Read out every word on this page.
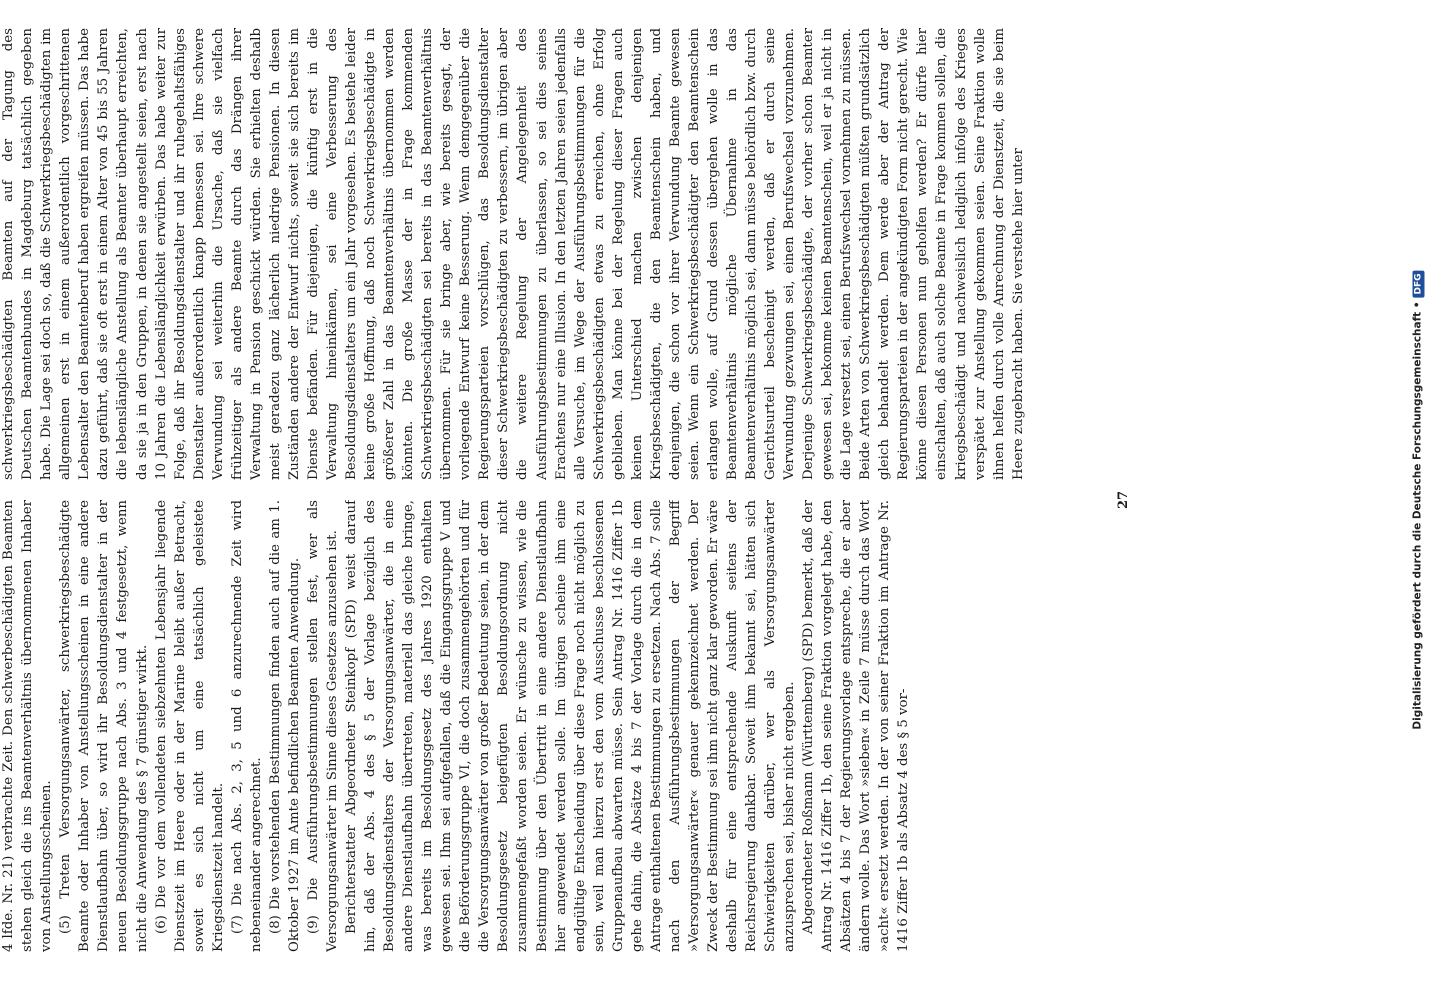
4 lfde. Nr. 21) verbrachte Zeit. Den schwerbeschädigten Beamten stehen gleich die ins Beamtenverhältnis übernommenen Inhaber von Anstellungsscheinen. (5) Treten Versorgungsanwärter, schwerkriegsbeschädigte Beamte oder Inhaber von Anstellungsscheinen in eine andere Dienstlaufbahn über, so wird ihr Besoldungsdienstalter in der neuen Besoldungsgruppe nach Abs. 3 und 4 festgesetzt, wenn nicht die Anwendung des § 7 günstiger wirkt. (6) Die vor dem vollendeten siebzehnten Lebensjahr liegende Dienstzeit im Heere oder in der Marine bleibt außer Betracht, soweit es sich nicht um eine tatsächlich geleistete Kriegsdienstzeit handelt. (7) Die nach Abs. 2, 3, 5 und 6 anzurechnende Zeit wird nebeneinander angerechnet. (8) Die vorstehenden Bestimmungen finden auch auf die am 1. Oktober 1927 im Amte befindlichen Beamten Anwendung. (9) Die Ausführungsbestimmungen stellen fest, wer als Versorgungsanwärter im Sinne dieses Gesetzes anzusehen ist. Berichterstatter Abgeordneter Steinkopf (SPD) weist darauf hin, daß der Abs. 4 des § 5 der Vorlage bezüglich des Besoldungsdienstalters der Versorgungsanwärter, die in eine andere Dienstlaufbahn übertreten, materiell das gleiche bringe, was bereits im Besoldungsgesetz des Jahres 1920 enthalten gewesen sei. Ihm sei aufgefallen, daß die Eingangsgruppe V und die Beförderungsgruppe VI, die doch zusammengehörten und für die Versorgungsanwärter von großer Bedeutung seien, in der dem Besoldungsgesetz beigefügten Besoldungsordnung nicht zusammengefaßt worden seien. Er wünsche zu wissen, wie die Bestimmung über den Übertritt in eine andere Dienstlaufbahn hier angewendet werden solle. Im übrigen scheine ihm eine endgültige Entscheidung über diese Frage noch nicht möglich zu sein, weil man hierzu erst den vom Ausschusse beschlossenen Gruppenaufbau abwarten müsse. Sein Antrag Nr. 1416 Ziffer 1b gehe dahin, die Absätze 4 bis 7 der Vorlage durch die in dem Antrage enthaltenen Bestimmungen zu ersetzen. Nach Abs. 7 solle nach den Ausführungsbestimmungen der Begriff »Versorgungsanwärter« genauer gekennzeichnet werden. Der Zweck der Bestimmung sei ihm nicht ganz klar geworden. Er wäre deshalb für eine entsprechende Auskunft seitens der Reichsregierung dankbar. Soweit ihm bekannt sei, hätten sich Schwierigkeiten darüber, wer als Versorgungsanwärter anzusprechen sei, bisher nicht ergeben. Abgeordneter Roßmann (Württemberg) (SPD) bemerkt, daß der Antrag Nr. 1416 Ziffer 1b, den seine Fraktion vorgelegt habe, den Absätzen 4 bis 7 der Regierungsvorlage entspreche, die er aber ändern wolle. Das Wort »sieben« in Zeile 7 müsse durch das Wort »acht« ersetzt werden. In der von seiner Fraktion im Antrage Nr. 1416 Ziffer 1b als Absatz 4 des § 5 vor-

schwerkriegsbeschädigten Beamten auf der Tagung des Deutschen Beamtenbundes in Magdeburg tatsächlich gegeben habe. Die Lage sei doch so, daß die Schwerkriegsbeschädigten im allgemeinen erst in einem außerordentlich vorgeschrittenen Lebensalter den Beamtenberuf haben ergreifen müssen. Das habe dazu geführt, daß sie oft erst in einem Alter von 45 bis 55 Jahren die lebenslängliche Anstellung als Beamter überhaupt erreichten, da sie ja in den Gruppen, in denen sie angestellt seien, erst nach 10 Jahren die Lebenslänglichkeit erwürben. Das habe weiter zur Folge, daß ihr Besoldungsdienstalter und ihr ruhegehaltsfähiges Dienstalter außerordentlich knapp bemessen sei. Ihre schwere Verwundung sei weiterhin die Ursache, daß sie vielfach frühzeitiger als andere Beamte durch das Drängen ihrer Verwaltung in Pension geschickt würden. Sie erhielten deshalb meist geradezu ganz lächerlich niedrige Pensionen. In diesen Zuständen andere der Entwurf nichts, soweit sie sich bereits im Dienste befänden. Für diejenigen, die künftig erst in die Verwaltung hineinkämen, sei eine Verbesserung des Besoldungsdienstalters um ein Jahr vorgesehen. Es bestehe leider keine große Hoffnung, daß noch Schwerkriegsbeschädigte in größerer Zahl in das Beamtenverhältnis übernommen werden könnten. Die große Masse der in Frage kommenden Schwerkriegsbeschädigten sei bereits in das Beamtenverhältnis übernommen. Für sie bringe aber, wie bereits gesagt, der vorliegende Entwurf keine Besserung. Wenn demgegenüber die Regierungsparteien vorschlügen, das Besoldungsdienstalter dieser Schwerkriegsbeschädigten zu verbessern, im übrigen aber die weitere Regelung der Angelegenheit des Ausführungsbestimmungen zu überlassen, so sei dies seines Erachtens nur eine Illusion. In den letzten Jahren seien jedenfalls alle Versuche, im Wege der Ausführungsbestimmungen für die Schwerkriegsbeschädigten etwas zu erreichen, ohne Erfolg geblieben. Man könne bei der Regelung dieser Fragen auch keinen Unterschied machen zwischen denjenigen Kriegsbeschädigten, die den Beamtenschein haben, und denjenigen, die schon vor ihrer Verwundung Beamte gewesen seien. Wenn ein Schwerkriegsbeschädigter den Beamtenschein erlangen wolle, auf Grund dessen übergehen wolle in das Beamtenverhältnis mögliche Übernahme in das Beamtenverhältnis möglich sei, dann müsse behördlich bzw. durch Gerichtsurteil bescheinigt werden, daß er durch seine Verwundung gezwungen sei, einen Berufswechsel vorzunehmen. Derjenige Schwerkriegsbeschädigte, der vorher schon Beamter gewesen sei, bekomme keinen Beamtenschein, weil er ja nicht in die Lage versetzt sei, einen Berufswechsel vornehmen zu müssen. Beide Arten von Schwerkriegsbeschädigten müßten grundsätzlich gleich behandelt werden. Dem werde aber der Antrag der Regierungsparteien in der angekündigten Form nicht gerecht. Wie könne diesen Personen nun geholfen werden? Er dürfe hier einschalten, daß auch solche Beamte in Frage kommen sollen, die kriegsbeschädigt und nachweislich lediglich infolge des Krieges verspätet zur Anstellung gekommen seien. Seine Fraktion wolle ihnen helfen durch volle Anrechnung der Dienstzeit, die sie beim Heere zugebracht haben. Sie verstehe hier unter

27	Digitalisierung gefördert durch die Deutsche Forschungsgemeinschaft •DFG
